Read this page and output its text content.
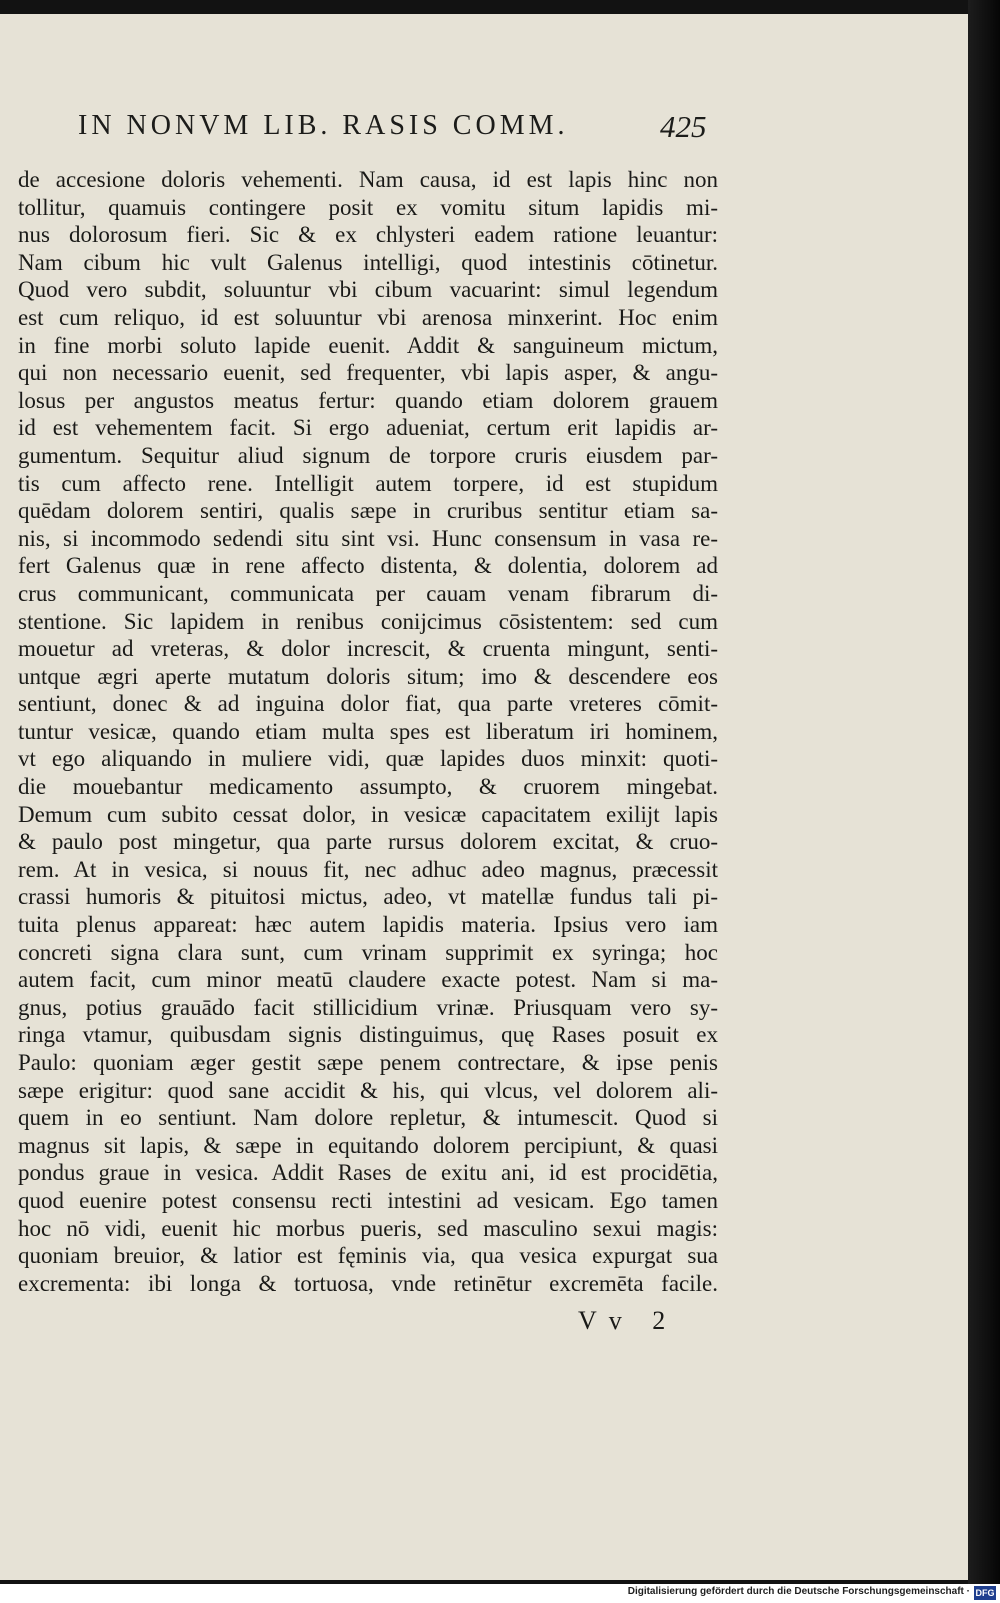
IN NONVM LIB. RASIS COMM.	425
de accesione doloris vehementi. Nam causa, id est lapis hinc non
tollitur, quamuis contingere posit ex vomitu situm lapidis mi-
nus dolorosum fieri. Sic & ex chlysteri eadem ratione leuantur:
Nam cibum hic vult Galenus intelligi, quod intestinis cōtinetur.
Quod vero subdit, soluuntur vbi cibum vacuarint: simul legendum
est cum reliquo, id est soluuntur vbi arenosa minxerint. Hoc enim
in fine morbi soluto lapide euenit. Addit & sanguineum mictum,
qui non necessario euenit, sed frequenter, vbi lapis asper, & angu-
losus per angustos meatus fertur: quando etiam dolorem grauem
id est vehementem facit. Si ergo adueniat, certum erit lapidis ar-
gumentum. Sequitur aliud signum de torpore cruris eiusdem par-
tis cum affecto rene. Intelligit autem torpere, id est stupidum
quēdam dolorem sentiri, qualis sæpe in cruribus sentitur etiam sa-
nis, si incommodo sedendi situ sint vsi. Hunc consensum in vasa re-
fert Galenus quæ in rene affecto distenta, & dolentia, dolorem ad
crus communicant, communicata per cauam venam fibrarum di-
stentione. Sic lapidem in renibus conijcimus cōsistentem: sed cum
mouetur ad vreteras, & dolor increscit, & cruenta mingunt, senti-
untque ægri aperte mutatum doloris situm; imo & descendere eos
sentiunt, donec & ad inguina dolor fiat, qua parte vreteres cōmit-
tuntur vesicæ, quando etiam multa spes est liberatum iri hominem,
vt ego aliquando in muliere vidi, quæ lapides duos minxit: quoti-
die mouebantur medicamento assumpto, & cruorem mingebat.
Demum cum subito cessat dolor, in vesicæ capacitatem exilijt lapis
& paulo post mingetur, qua parte rursus dolorem excitat, & cruo-
rem. At in vesica, si nouus fit, nec adhuc adeo magnus, præcessit
crassi humoris & pituitosi mictus, adeo, vt matellæ fundus tali pi-
tuita plenus appareat: hæc autem lapidis materia. Ipsius vero iam
concreti signa clara sunt, cum vrinam supprimit ex syringa; hoc
autem facit, cum minor meatū claudere exacte potest. Nam si ma-
gnus, potius grauādo facit stillicidium vrinæ. Priusquam vero sy-
ringa vtamur, quibusdam signis distinguimus, quę Rases posuit ex
Paulo: quoniam æger gestit sæpe penem contrectare, & ipse penis
sæpe erigitur: quod sane accidit & his, qui vlcus, vel dolorem ali-
quem in eo sentiunt. Nam dolore repletur, & intumescit. Quod si
magnus sit lapis, & sæpe in equitando dolorem percipiunt, & quasi
pondus graue in vesica. Addit Rases de exitu ani, id est procidētia,
quod euenire potest consensu recti intestini ad vesicam. Ego tamen
hoc nō vidi, euenit hic morbus pueris, sed masculino sexui magis:
quoniam breuior, & latior est fęminis via, qua vesica expurgat sua
excrementa: ibi longa & tortuosa, vnde retinētur excremēta facile.
Vv 2
Digitalisierung gefördert durch die Deutsche Forschungsgemeinschaft · DFG
